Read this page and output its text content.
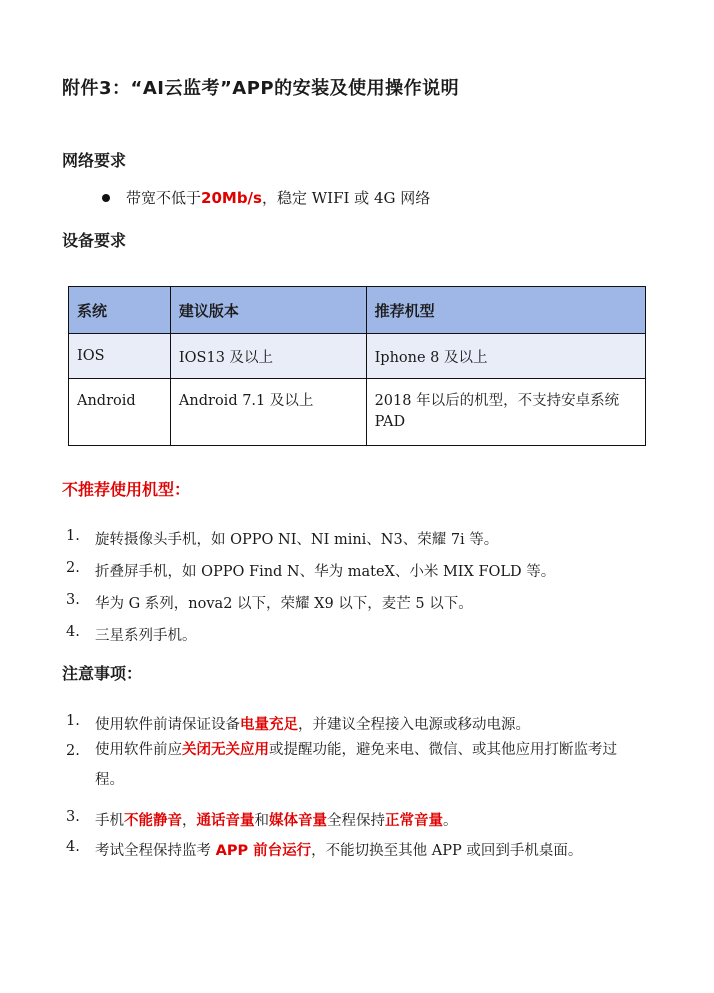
附件3：“AI云监考”APP的安装及使用操作说明
网络要求
带宽不低于 20Mb/s ，稳定 WIFI 或 4G 网络
设备要求
系统	建议版本	推荐机型
IOS	IOS13 及以上	Iphone 8 及以上
Android	Android 7.1 及以上	2018 年以后的机型，不支持安卓系统 PAD
不推荐使用机型：
1.	旋转摄像头手机，如 OPPO NI、NI mini、N3、荣耀 7i 等。
2.	折叠屏手机，如 OPPO Find N、华为 mateX、小米 MIX FOLD 等。
3.	华为 G 系列，nova2 以下，荣耀 X9 以下，麦芒 5 以下。
4.	三星系列手机。
注意事项：
1.	使用软件前请保证设备电量充足，并建议全程接入电源或移动电源。
2.	使用软件前应关闭无关应用或提醒功能，避免来电、微信、或其他应用打断监考过程。
3.	手机不能静音，通话音量和媒体音量全程保持正常音量。
4.	考试全程保持监考 APP 前台运行，不能切换至其他 APP 或回到手机桌面。
